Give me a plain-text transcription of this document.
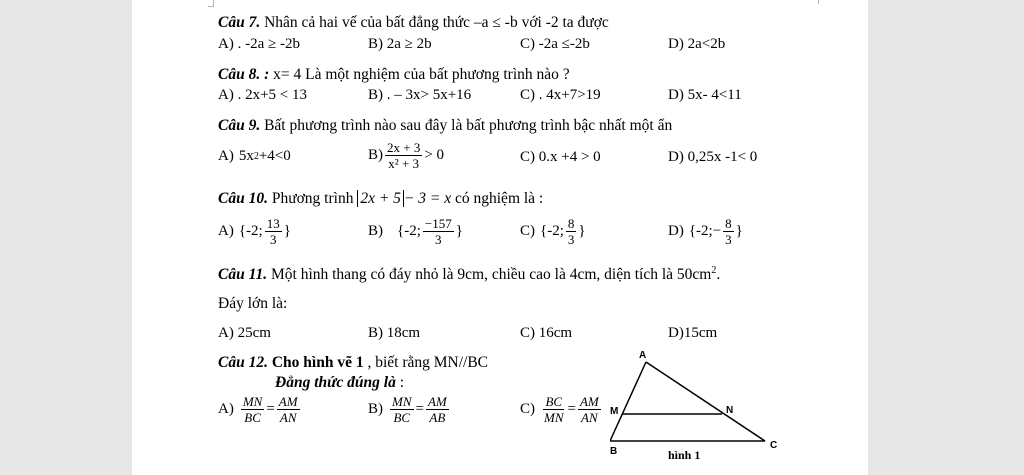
Câu 7. Nhân cả hai vế của bất đẳng thức –a ≤ -b với -2 ta được
A) . -2a ≥ -2b	B) 2a ≥ 2b	C) -2a ≤-2b	D) 2a<2b
Câu 8. : x= 4 Là một nghiệm của bất phương trình nào ?
A) . 2x+5 < 13	B) . – 3x> 5x+16	C) . 4x+7>19	D) 5x- 4<11
Câu 9. Bất phương trình nào sau đây là bất phương trình bậc nhất một ẩn
A) 5x 2 +4<0	$B) \frac{2x + 3}{\text{x² + 3}} > 0$	C) 0.x +4 > 0	D) 0,25x -1< 0
Câu 10. Phương trình 2x + 5 − 3 = x có nghiệm là :
A) {-2; $\frac{13}{3}$ }	B) {-2; $\frac{-157}{3}$ }	C) {-2; $\frac{8}{3}$ }	D) {-2;− $\frac{8}{3}$ }
Câu 11. Một hình thang có đáy nhỏ là 9cm, chiều cao là 4cm, diện tích là $50cm^2$.
Đáy lớn là:
A) 25cm	B) 18cm	C) 16cm	D)15cm
Câu 12. Cho hình vẽ 1 , biết rằng MN//BC
Đẳng thức đúng là :
$A) \frac{MN}{BC} = \frac{AM}{AN}$	$B) \frac{MN}{BC} = \frac{AM}{AB}$	$C) \frac{BC}{MN} = \frac{AM}{AN}$
A
M	N
B
C
hình 1
